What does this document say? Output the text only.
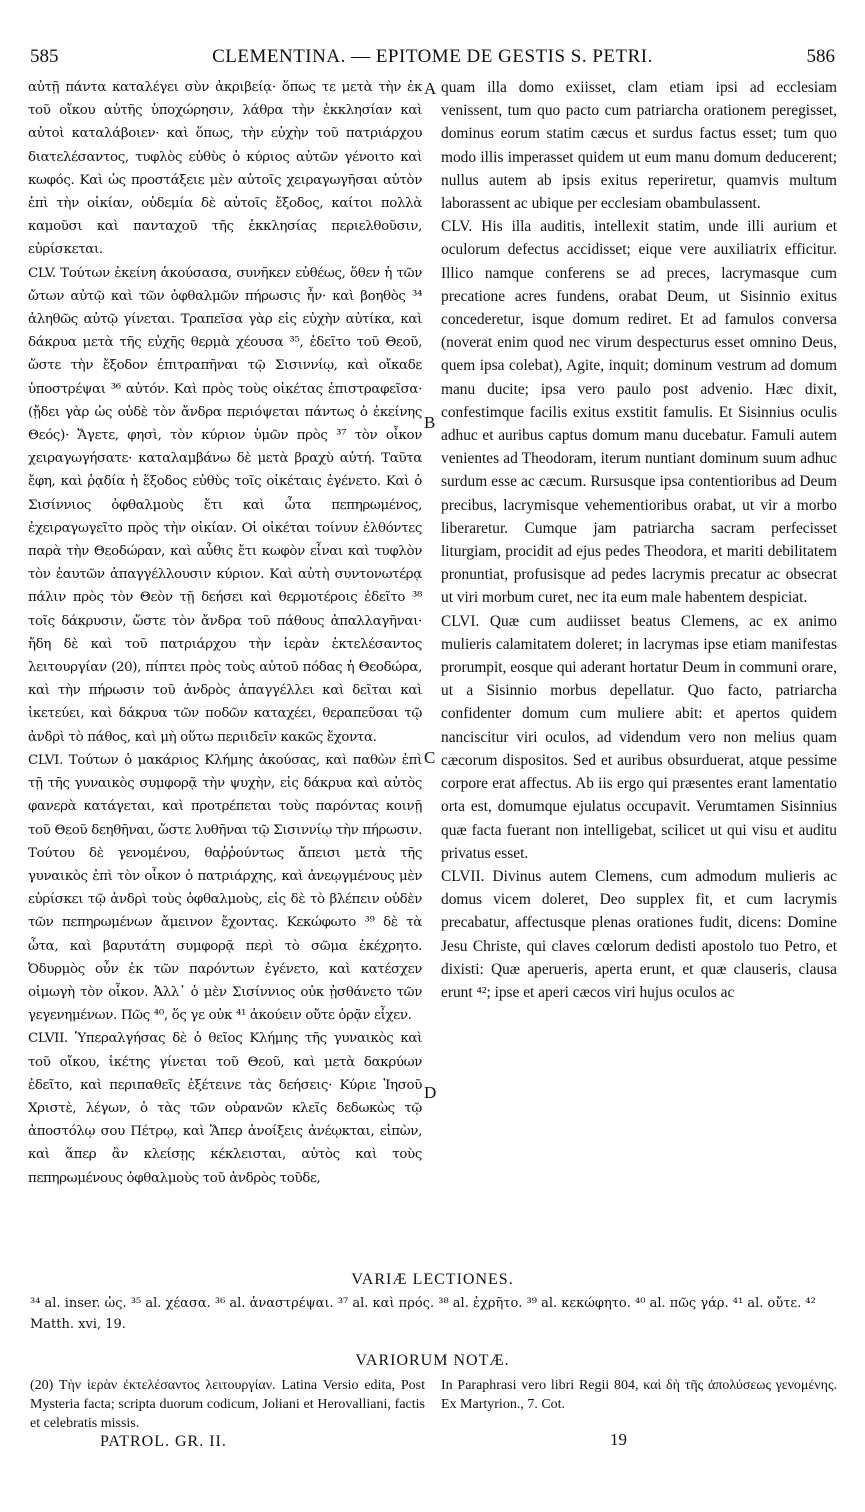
585	CLEMENTINA. — EPITOME DE GESTIS S. PETRI.	586

αὐτῇ πάντα καταλέγει σὺν ἀκριβείᾳ· ὅπως τε μετὰ τὴν ἐκ τοῦ οἴκου αὐτῆς ὑποχώρησιν, λάθρα τὴν ἐκκλησίαν καὶ αὐτοὶ καταλάβοιεν· καὶ ὅπως, τὴν εὐχὴν τοῦ πατριάρχου διατελέσαντος, τυφλὸς εὐθὺς ὁ κύριος αὐτῶν γένοιτο καὶ κωφός. Καὶ ὡς προστάξειε μὲν αὐτοῖς χειραγωγῆσαι αὐτὸν ἐπὶ τὴν οἰκίαν, οὐδεμία δὲ αὐτοῖς ἔξοδος, καίτοι πολλὰ καμοῦσι καὶ πανταχοῦ τῆς ἐκκλησίας περιελθοῦσιν, εὑρίσκεται.

CLV. Τούτων ἐκείνη ἀκούσασα, συνῆκεν εὐθέως, ὅθεν ἡ τῶν ὤτων αὐτῷ καὶ τῶν ὀφθαλμῶν πήρωσις ἦν· καὶ βοηθὸς ³⁴ ἀληθῶς αὐτῷ γίνεται. Τραπεῖσα γὰρ εἰς εὐχὴν αὐτίκα, καὶ δάκρυα μετὰ τῆς εὐχῆς θερμὰ χέουσα ³⁵, ἐδεῖτο τοῦ Θεοῦ, ὥστε τὴν ἔξοδον ἐπιτραπῆναι τῷ Σισιννίῳ, καὶ οἴκαδε ὑποστρέψαι ³⁶ αὐτόν. Καὶ πρὸς τοὺς οἰκέτας ἐπιστραφεῖσα· (ᾔδει γὰρ ὡς οὐδὲ τὸν ἄνδρα περιόψεται πάντως ὁ ἐκείνης Θεός)· Ἄγετε, φησὶ, τὸν κύριον ὑμῶν πρὸς ³⁷ τὸν οἶκον χειραγωγήσατε· καταλαμβάνω δὲ μετὰ βραχὺ αὐτή. Ταῦτα ἔφη, καὶ ῥᾳδία ἡ ἔξοδος εὐθὺς τοῖς οἰκέταις ἐγένετο. Καὶ ὁ Σισίννιος ὀφθαλμοὺς ἔτι καὶ ὦτα πεπηρωμένος, ἐχειραγωγεῖτο πρὸς τὴν οἰκίαν. Οἱ οἰκέται τοίνυν ἐλθόντες παρὰ τὴν Θεοδώραν, καὶ αὖθις ἔτι κωφὸν εἶναι καὶ τυφλὸν τὸν ἑαυτῶν ἀπαγγέλλουσιν κύριον. Καὶ αὐτὴ συντονωτέρᾳ πάλιν πρὸς τὸν Θεὸν τῇ δεήσει καὶ θερμοτέροις ἐδεῖτο ³⁸ τοῖς δάκρυσιν, ὥστε τὸν ἄνδρα τοῦ πάθους ἀπαλλαγῆναι· ἤδη δὲ καὶ τοῦ πατριάρχου τὴν ἱερὰν ἐκτελέσαντος λειτουργίαν (20), πίπτει πρὸς τοὺς αὐτοῦ πόδας ἡ Θεοδώρα, καὶ τὴν πήρωσιν τοῦ ἀνδρὸς ἀπαγγέλλει καὶ δεῖται καὶ ἱκετεύει, καὶ δάκρυα τῶν ποδῶν καταχέει, θεραπεῦσαι τῷ ἀνδρὶ τὸ πάθος, καὶ μὴ οὕτω περιιδεῖν κακῶς ἔχοντα.

CLVI. Τούτων ὁ μακάριος Κλήμης ἀκούσας, καὶ παθὼν ἐπὶ τῇ τῆς γυναικὸς συμφορᾷ τὴν ψυχὴν, εἰς δάκρυα καὶ αὐτὸς φανερὰ κατάγεται, καὶ προτρέπεται τοὺς παρόντας κοινῇ τοῦ Θεοῦ δεηθῆναι, ὥστε λυθῆναι τῷ Σισιννίῳ τὴν πήρωσιν. Τούτου δὲ γενομένου, θαῤῥούντως ἄπεισι μετὰ τῆς γυναικὸς ἐπὶ τὸν οἶκον ὁ πατριάρχης, καὶ ἀνεῳγμένους μὲν εὑρίσκει τῷ ἀνδρὶ τοὺς ὀφθαλμοὺς, εἰς δὲ τὸ βλέπειν οὐδὲν τῶν πεπηρωμένων ἄμεινον ἔχοντας. Κεκώφωτο ³⁹ δὲ τὰ ὦτα, καὶ βαρυτάτη συμφορᾷ περὶ τὸ σῶμα ἐκέχρητο. Ὀδυρμὸς οὖν ἐκ τῶν παρόντων ἐγένετο, καὶ κατέσχεν οἰμωγὴ τὸν οἶκον. Ἀλλ᾽ ὁ μὲν Σισίννιος οὐκ ᾐσθάνετο τῶν γεγενημένων. Πῶς ⁴⁰, ὅς γε οὐκ ⁴¹ ἀκούειν οὔτε ὁρᾷν εἶχεν.

CLVII. Ὑπεραλγήσας δὲ ὁ θεῖος Κλήμης τῆς γυναικὸς καὶ τοῦ οἴκου, ἱκέτης γίνεται τοῦ Θεοῦ, καὶ μετὰ δακρύων ἐδεῖτο, καὶ περιπαθεῖς ἐξέτεινε τὰς δεήσεις· Κύριε Ἰησοῦ Χριστὲ, λέγων, ὁ τὰς τῶν οὐρανῶν κλεῖς δεδωκὼς τῷ ἀποστόλῳ σου Πέτρῳ, καὶ Ἅπερ ἀνοίξεις ἀνέῳκται, εἰπὼν, καὶ ἅπερ ἂν κλείσῃς κέκλεισται, αὐτὸς καὶ τοὺς πεπηρωμένους ὀφθαλμοὺς τοῦ ἀνδρὸς τοῦδε,

quam illa domo exiisset, clam etiam ipsi ad ecclesiam venissent, tum quo pacto cum patriarcha orationem peregisset, dominus eorum statim cæcus et surdus factus esset; tum quo modo illis imperasset quidem ut eum manu domum deducerent; nullus autem ab ipsis exitus reperiretur, quamvis multum laborassent ac ubique per ecclesiam obambulassent.

CLV. His illa auditis, intellexit statim, unde illi aurium et oculorum defectus accidisset; eique vere auxiliatrix efficitur. Illico namque conferens se ad preces, lacrymasque cum precatione acres fundens, orabat Deum, ut Sisinnio exitus concederetur, isque domum rediret. Et ad famulos conversa (noverat enim quod nec virum despecturus esset omnino Deus, quem ipsa colebat), Agite, inquit; dominum vestrum ad domum manu ducite; ipsa vero paulo post advenio. Hæc dixit, confestimque facilis exitus exstitit famulis. Et Sisinnius oculis adhuc et auribus captus domum manu ducebatur. Famuli autem venientes ad Theodoram, iterum nuntiant dominum suum adhuc surdum esse ac cæcum. Rursusque ipsa contentioribus ad Deum precibus, lacrymisque vehementioribus orabat, ut vir a morbo liberaretur. Cumque jam patriarcha sacram perfecisset liturgiam, procidit ad ejus pedes Theodora, et mariti debilitatem pronuntiat, profusisque ad pedes lacrymis precatur ac obsecrat ut viri morbum curet, nec ita eum male habentem despiciat.

CLVI. Quæ cum audiisset beatus Clemens, ac ex animo mulieris calamitatem doleret; in lacrymas ipse etiam manifestas prorumpit, eosque qui aderant hortatur Deum in communi orare, ut a Sisinnio morbus depellatur. Quo facto, patriarcha confidenter domum cum muliere abit: et apertos quidem nanciscitur viri oculos, ad videndum vero non melius quam cæcorum dispositos. Sed et auribus obsurduerat, atque pessime corpore erat affectus. Ab iis ergo qui præsentes erant lamentatio orta est, domumque ejulatus occupavit. Verumtamen Sisinnius quæ facta fuerant non intelligebat, scilicet ut qui visu et auditu privatus esset.

CLVII. Divinus autem Clemens, cum admodum mulieris ac domus vicem doleret, Deo supplex fit, et cum lacrymis precabatur, affectusque plenas orationes fudit, dicens: Domine Jesu Christe, qui claves cœlorum dedisti apostolo tuo Petro, et dixisti: Quæ aperueris, aperta erunt, et quæ clauseris, clausa erunt ⁴²; ipse et aperi cæcos viri hujus oculos ac

A
B
C
D
VARIÆ LECTIONES.
³⁴ al. inser. ὡς. ³⁵ al. χέασα. ³⁶ al. ἀναστρέψαι. ³⁷ al. καὶ πρός. ³⁸ al. ἐχρῆτο. ³⁹ al. κεκώφητο. ⁴⁰ al. πῶς γάρ. ⁴¹ al. οὔτε. ⁴² Matth. xvi, 19.
VARIORUM NOTÆ.
(20) Τὴν ἱερὰν ἐκτελέσαντος λειτουργίαν. Latina Versio edita, Post Mysteria facta; scripta duorum codicum, Joliani et Herovalliani, factis et celebratis missis.
In Paraphrasi vero libri Regii 804, καὶ δὴ τῆς ἀπολύσεως γενομένης. Ex Martyrion., 7. Cot.
PATROL. GR. II.	19
